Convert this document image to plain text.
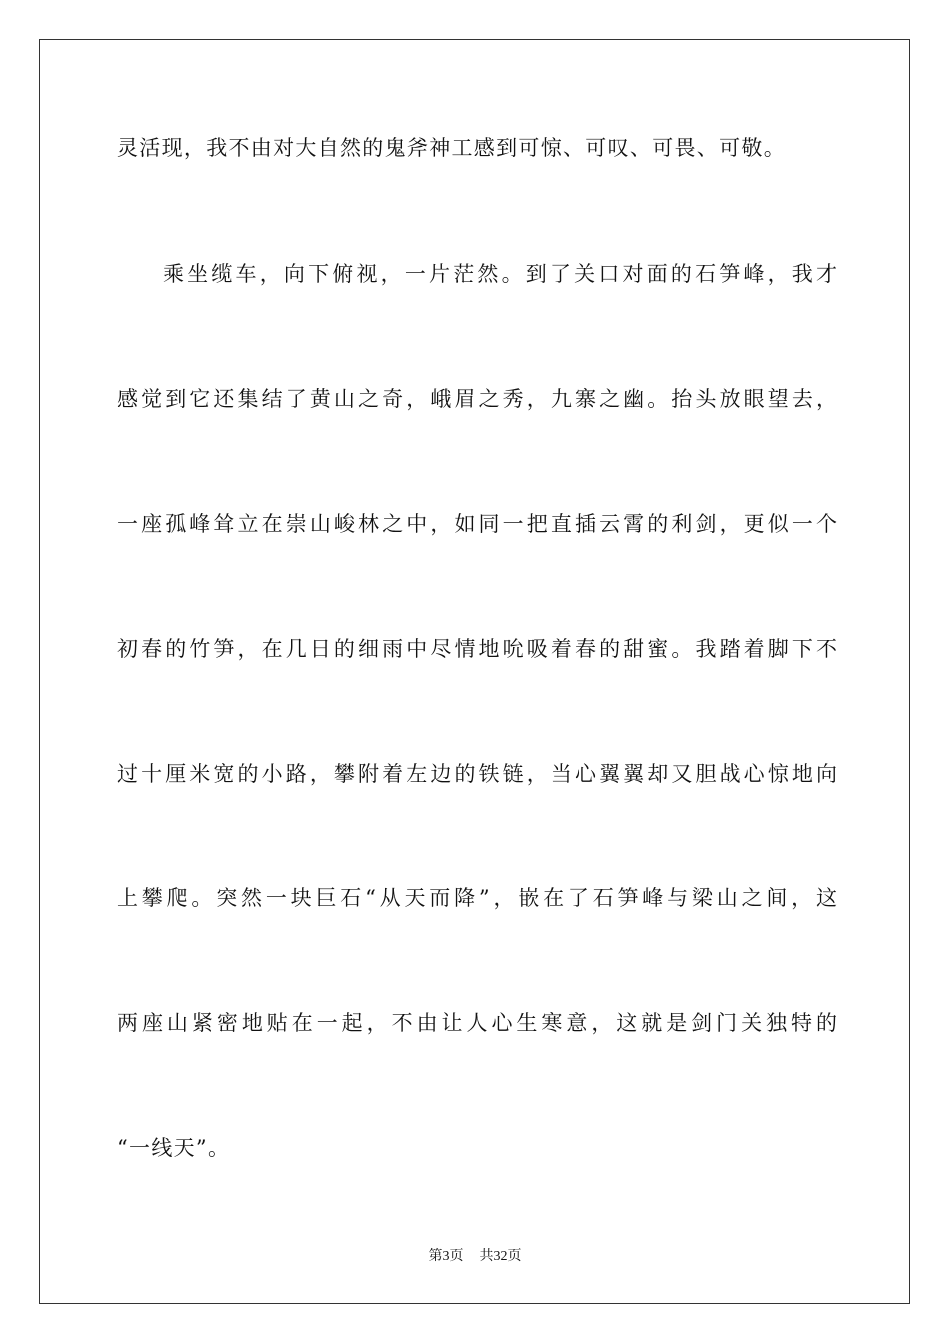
灵活现，我不由对大自然的鬼斧神工感到可惊、可叹、可畏、可敬。
乘坐缆车，向下俯视，一片茫然。到了关口对面的石笋峰，我才
感觉到它还集结了黄山之奇，峨眉之秀，九寨之幽。抬头放眼望去，
一座孤峰耸立在崇山峻林之中，如同一把直插云霄的利剑，更似一个
初春的竹笋，在几日的细雨中尽情地吮吸着春的甜蜜。我踏着脚下不
过十厘米宽的小路，攀附着左边的铁链，当心翼翼却又胆战心惊地向
上攀爬。突然一块巨石“从天而降”，嵌在了石笋峰与梁山之间，这
两座山紧密地贴在一起，不由让人心生寒意，这就是剑门关独特的
“一线天”。
第3页 共32页
